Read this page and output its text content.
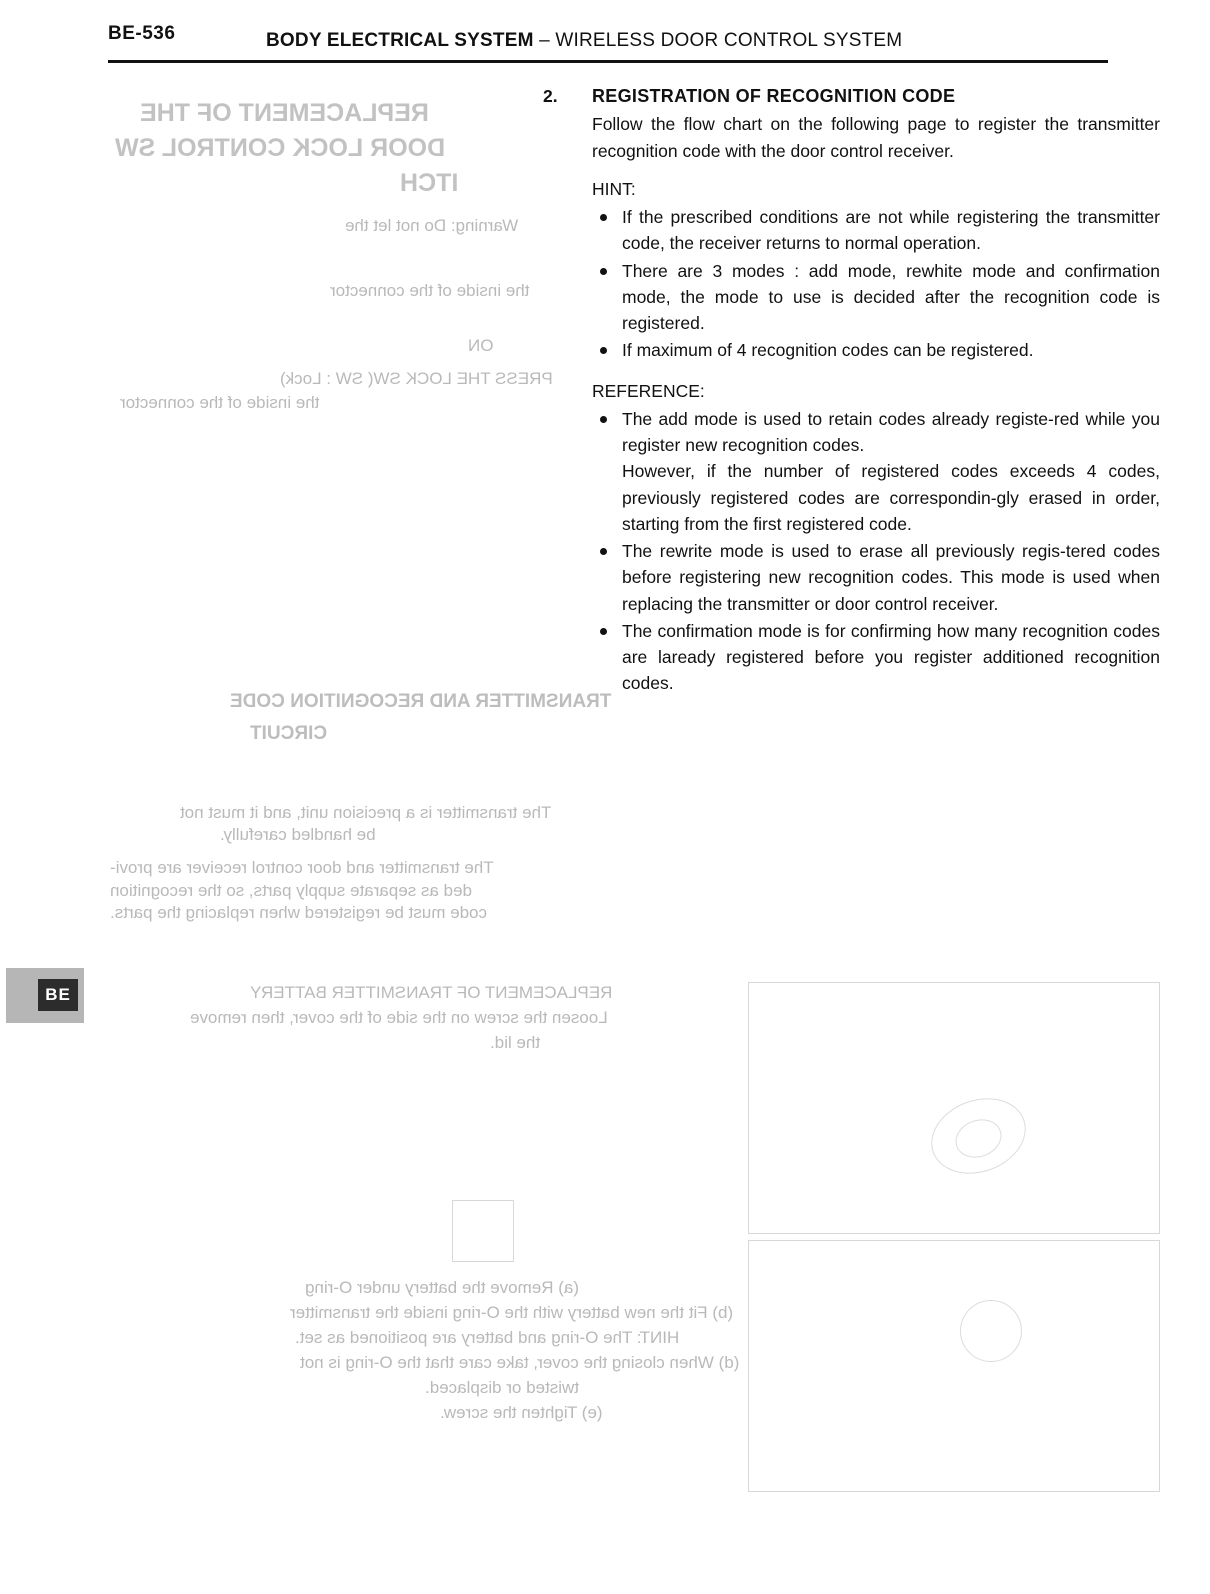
REPLACEMENT OF THE
DOOR LOCK CONTROL SW
ITCH
Warning: Do not let the
the inside of the connector
ON
PRESS THE LOCK SW( SW : Lock)
the inside of the connector
TRANSMITTER AND RECOGNITION CODE
CIRCUIT
The transmitter is a precision unit, and it must not
be handled carefully.
The transmitter and door control receiver are provi-
ded as separate supply parts, so the recognition
code must be registered when replacing the parts.
REPLACEMENT OF TRANSMITTER BATTERY
Loosen the screw on the side of the cover, then remove
the lid.
(a) Remove the battery under O-ring
(b) Fit the new battery with the O-ring inside the transmitter
HINT: The O-ring and battery are positioned as set.
(d) When closing the cover, take care that the O-ring is not
twisted or displaced.
(e) Tighten the screw.
BE-536	BODY ELECTRICAL SYSTEM – WIRELESS DOOR CONTROL SYSTEM
2. REGISTRATION OF RECOGNITION CODE

Follow the flow chart on the following page to register the transmitter recognition code with the door control receiver.

HINT:
If the prescribed conditions are not while registering the transmitter code, the receiver returns to normal operation.
There are 3 modes : add mode, rewhite mode and confirmation mode, the mode to use is decided after the recognition code is registered.
If maximum of 4 recognition codes can be registered.
REFERENCE:
The add mode is used to retain codes already registe-red while you register new recognition codes.
However, if the number of registered codes exceeds 4 codes, previously registered codes are correspondin-gly erased in order, starting from the first registered code.
The rewrite mode is used to erase all previously regis-tered codes before registering new recognition codes. This mode is used when replacing the transmitter or door control receiver.
The confirmation mode is for confirming how many recognition codes are laready registered before you register additioned recognition codes.
BE
